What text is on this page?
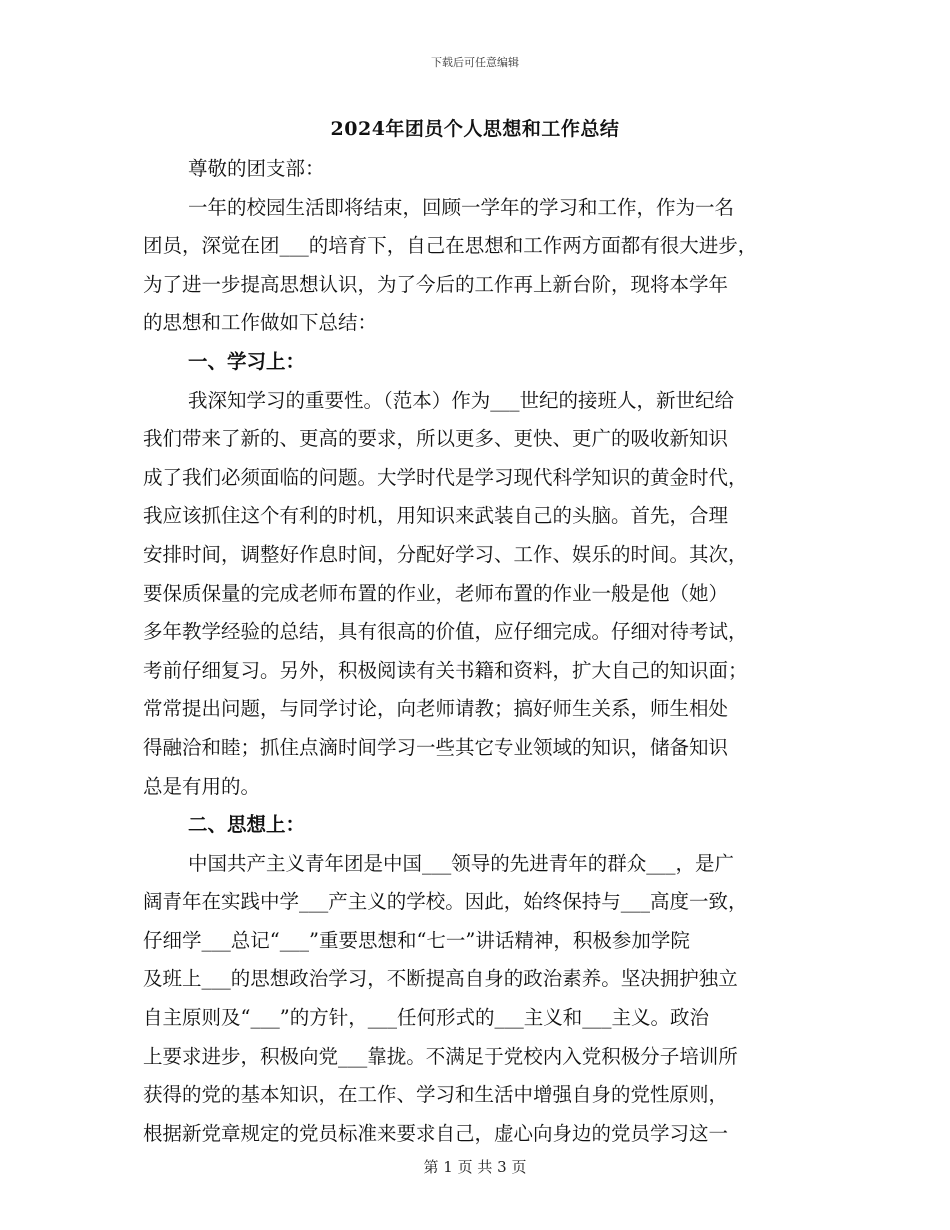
下载后可任意编辑
2024年团员个人思想和工作总结
尊敬的团支部：
一年的校园生活即将结束，回顾一学年的学习和工作，作为一名
团员，深觉在团___的培育下，自己在思想和工作两方面都有很大进步，
为了进一步提高思想认识，为了今后的工作再上新台阶，现将本学年
的思想和工作做如下总结：
一、学习上：
我深知学习的重要性。（范本）作为___世纪的接班人，新世纪给
我们带来了新的、更高的要求，所以更多、更快、更广的吸收新知识
成了我们必须面临的问题。大学时代是学习现代科学知识的黄金时代，
我应该抓住这个有利的时机，用知识来武装自己的头脑。首先，合理
安排时间，调整好作息时间，分配好学习、工作、娱乐的时间。其次，
要保质保量的完成老师布置的作业，老师布置的作业一般是他（她）
多年教学经验的总结，具有很高的价值，应仔细完成。仔细对待考试，
考前仔细复习。另外，积极阅读有关书籍和资料，扩大自己的知识面；
常常提出问题，与同学讨论，向老师请教；搞好师生关系，师生相处
得融洽和睦；抓住点滴时间学习一些其它专业领域的知识，储备知识
总是有用的。
二、思想上：
中国共产主义青年团是中国___领导的先进青年的群众___，是广
阔青年在实践中学___产主义的学校。因此，始终保持与___高度一致，
仔细学___总记“___”重要思想和“七一”讲话精神，积极参加学院
及班上___的思想政治学习，不断提高自身的政治素养。坚决拥护独立
自主原则及“___”的方针，___任何形式的___主义和___主义。政治
上要求进步，积极向党___靠拢。不满足于党校内入党积极分子培训所
获得的党的基本知识，在工作、学习和生活中增强自身的党性原则，
根据新党章规定的党员标准来要求自己，虚心向身边的党员学习这一
第 1 页 共 3 页
